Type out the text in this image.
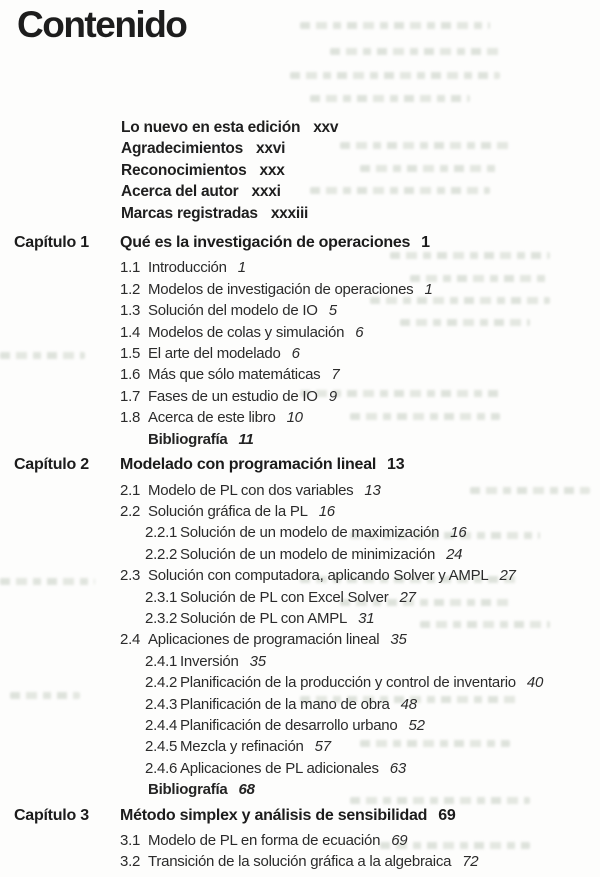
Contenido
Lo nuevo en esta edición xxv
Agradecimientos xxvi
Reconocimientos xxx
Acerca del autor xxxi
Marcas registradas xxxiii
Capítulo 1	Qué es la investigación de operaciones 1
1.1 Introducción 1
1.2 Modelos de investigación de operaciones 1
1.3 Solución del modelo de IO 5
1.4 Modelos de colas y simulación 6
1.5 El arte del modelado 6
1.6 Más que sólo matemáticas 7
1.7 Fases de un estudio de IO 9
1.8 Acerca de este libro 10
Bibliografía 11
Capítulo 2	Modelado con programación lineal 13
2.1 Modelo de PL con dos variables 13
2.2 Solución gráfica de la PL 16
2.2.1 Solución de un modelo de maximización 16
2.2.2 Solución de un modelo de minimización 24
2.3 Solución con computadora, aplicando Solver y AMPL 27
2.3.1 Solución de PL con Excel Solver 27
2.3.2 Solución de PL con AMPL 31
2.4 Aplicaciones de programación lineal 35
2.4.1 Inversión 35
2.4.2 Planificación de la producción y control de inventario 40
2.4.3 Planificación de la mano de obra 48
2.4.4 Planificación de desarrollo urbano 52
2.4.5 Mezcla y refinación 57
2.4.6 Aplicaciones de PL adicionales 63
Bibliografía 68
Capítulo 3	Método simplex y análisis de sensibilidad 69
3.1 Modelo de PL en forma de ecuación 69
3.2 Transición de la solución gráfica a la algebraica 72
